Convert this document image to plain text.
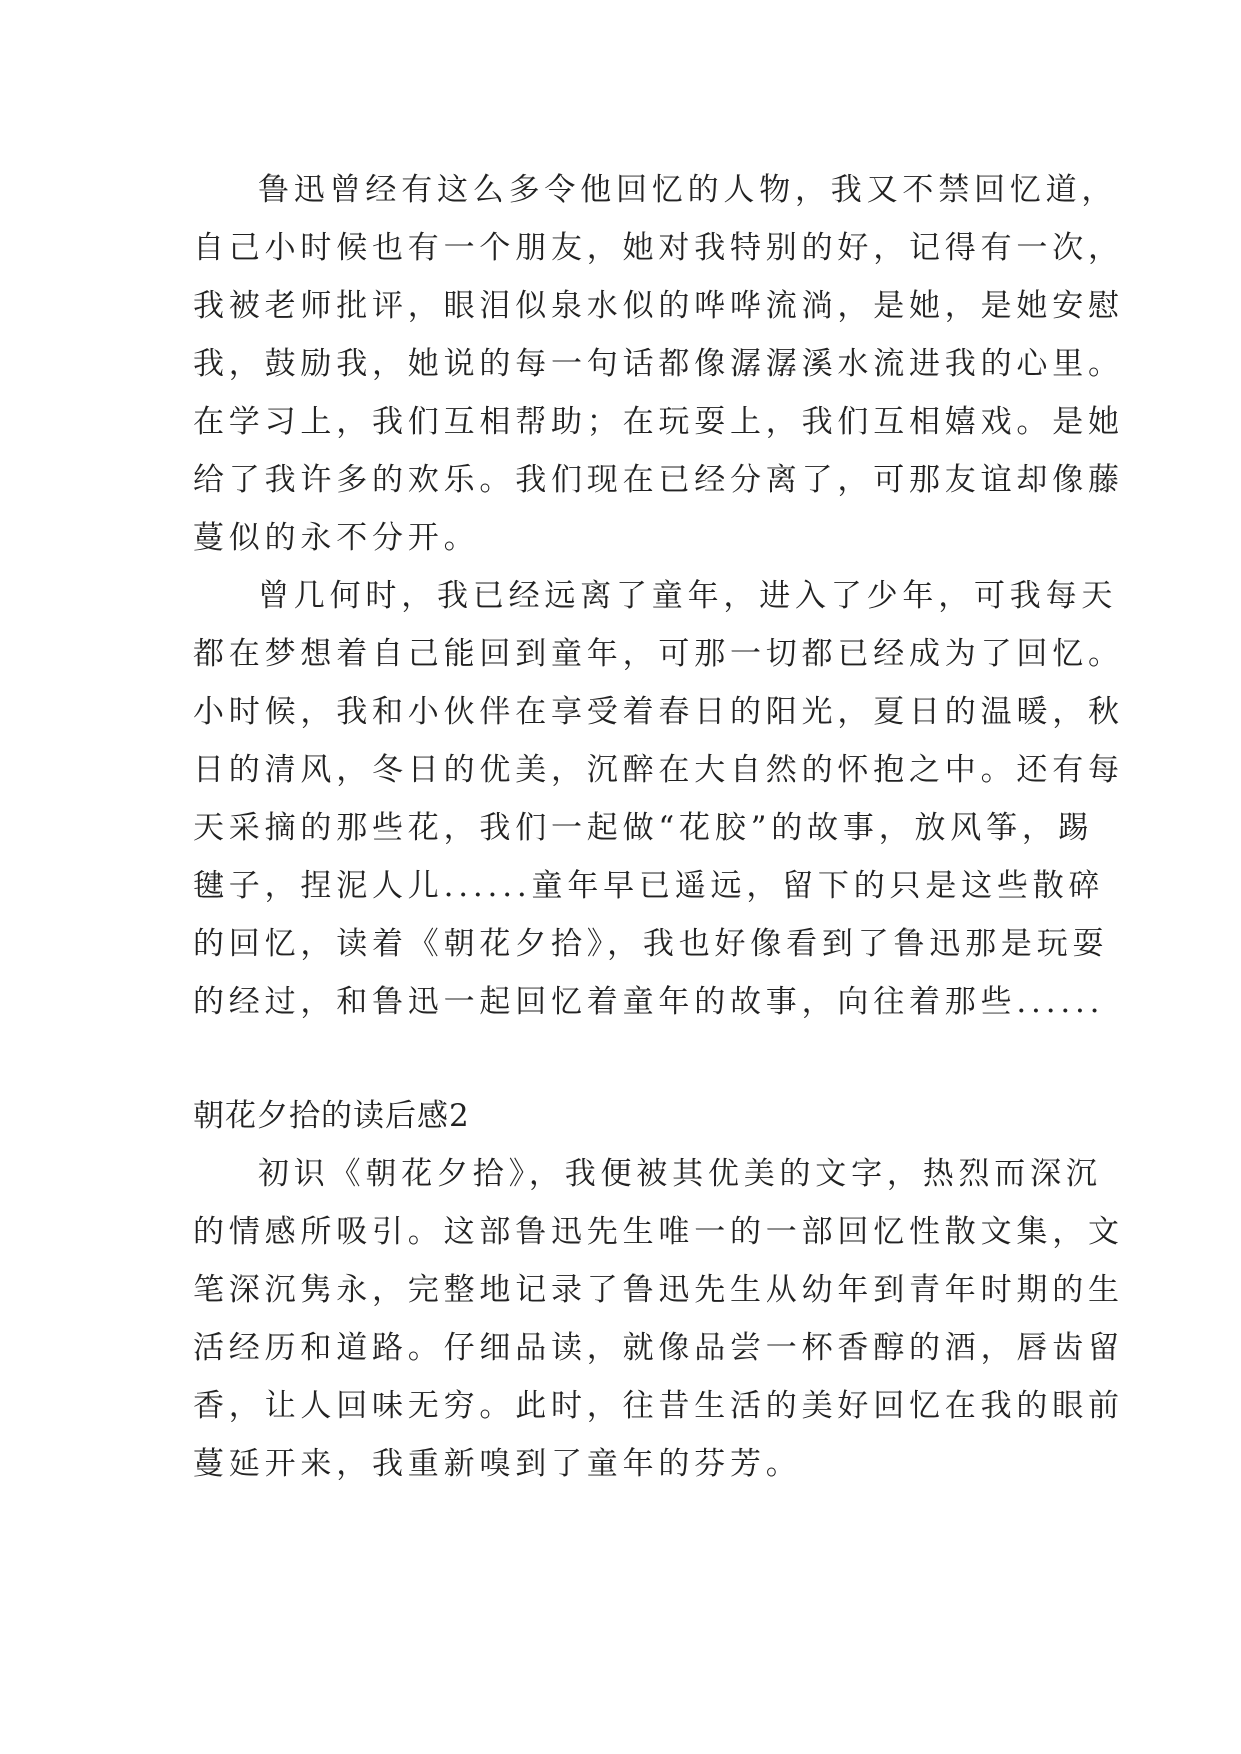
鲁迅曾经有这么多令他回忆的人物，我又不禁回忆道，
自己小时候也有一个朋友，她对我特别的好，记得有一次，
我被老师批评，眼泪似泉水似的哗哗流淌，是她，是她安慰
我，鼓励我，她说的每一句话都像潺潺溪水流进我的心里。
在学习上，我们互相帮助；在玩耍上，我们互相嬉戏。是她
给了我许多的欢乐。我们现在已经分离了，可那友谊却像藤
蔓似的永不分开。
曾几何时，我已经远离了童年，进入了少年，可我每天
都在梦想着自己能回到童年，可那一切都已经成为了回忆。
小时候，我和小伙伴在享受着春日的阳光，夏日的温暖，秋
日的清风，冬日的优美，沉醉在大自然的怀抱之中。还有每
天采摘的那些花，我们一起做“花胶”的故事，放风筝，踢
毽子，捏泥人儿......童年早已遥远，留下的只是这些散碎
的回忆，读着《朝花夕拾》，我也好像看到了鲁迅那是玩耍
的经过，和鲁迅一起回忆着童年的故事，向往着那些......
朝花夕拾的读后感2
初识《朝花夕拾》，我便被其优美的文字，热烈而深沉
的情感所吸引。这部鲁迅先生唯一的一部回忆性散文集，文
笔深沉隽永，完整地记录了鲁迅先生从幼年到青年时期的生
活经历和道路。仔细品读，就像品尝一杯香醇的酒，唇齿留
香，让人回味无穷。此时，往昔生活的美好回忆在我的眼前
蔓延开来，我重新嗅到了童年的芬芳。
